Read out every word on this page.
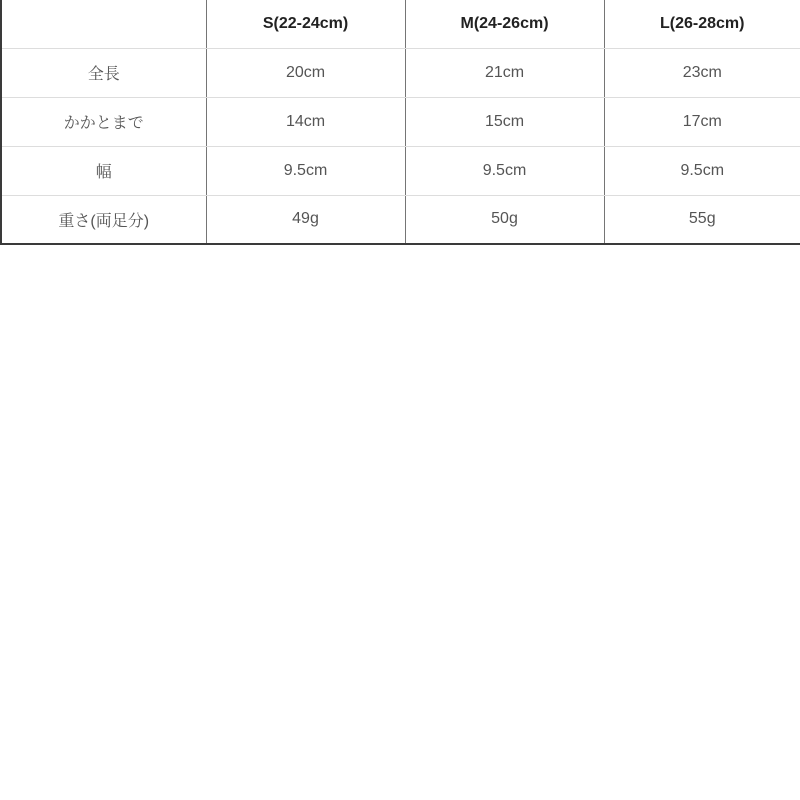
	S(22-24cm)	M(24-26cm)	L(26-28cm)
全長	20cm	21cm	23cm
かかとまで	14cm	15cm	17cm
幅	9.5cm	9.5cm	9.5cm
重さ(両足分)	49g	50g	55g
